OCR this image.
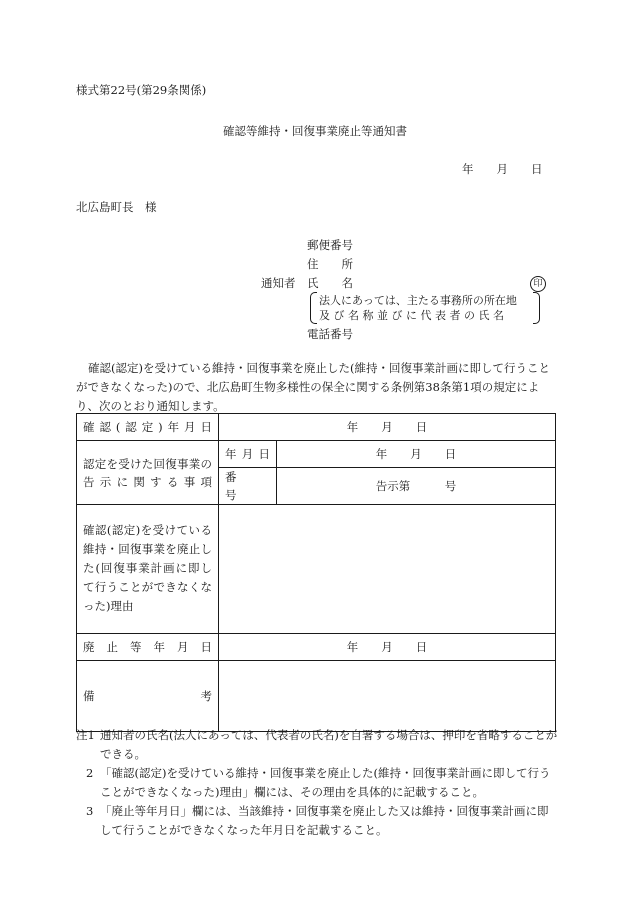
様式第22号(第29条関係)
確認等維持・回復事業廃止等通知書
年　　月　　日
北広島町長　様
郵便番号
住　　所
通知者 氏　　名	印
法人にあっては、主たる事務所の所在地
及 び 名 称 並 び に 代 表 者 の 氏 名
電話番号
確認(認定)を受けている維持・回復事業を廃止した(維持・回復事業計画に即して行うことができなくなった)ので、北広島町生物多様性の保全に関する条例第38条第1項の規定により、次のとおり通知します。
確認(認定)年月日	年　　月　　日	
認定を受けた回復事業の告示に関する事項	年月日	年　　月　　日
	番　　号	告示第　　　号
確認(認定)を受けている維持・回復事業を廃止した(回復事業計画に即して行うことができなくなった)理由		
廃止等年月日	年　　月　　日	
備考		
注1 通知者の氏名(法人にあっては、代表者の氏名)を自署する場合は、押印を省略することができる。
2 「確認(認定)を受けている維持・回復事業を廃止した(維持・回復事業計画に即して行うことができなくなった)理由」欄には、その理由を具体的に記載すること。
3 「廃止等年月日」欄には、当該維持・回復事業を廃止した又は維持・回復事業計画に即して行うことができなくなった年月日を記載すること。
